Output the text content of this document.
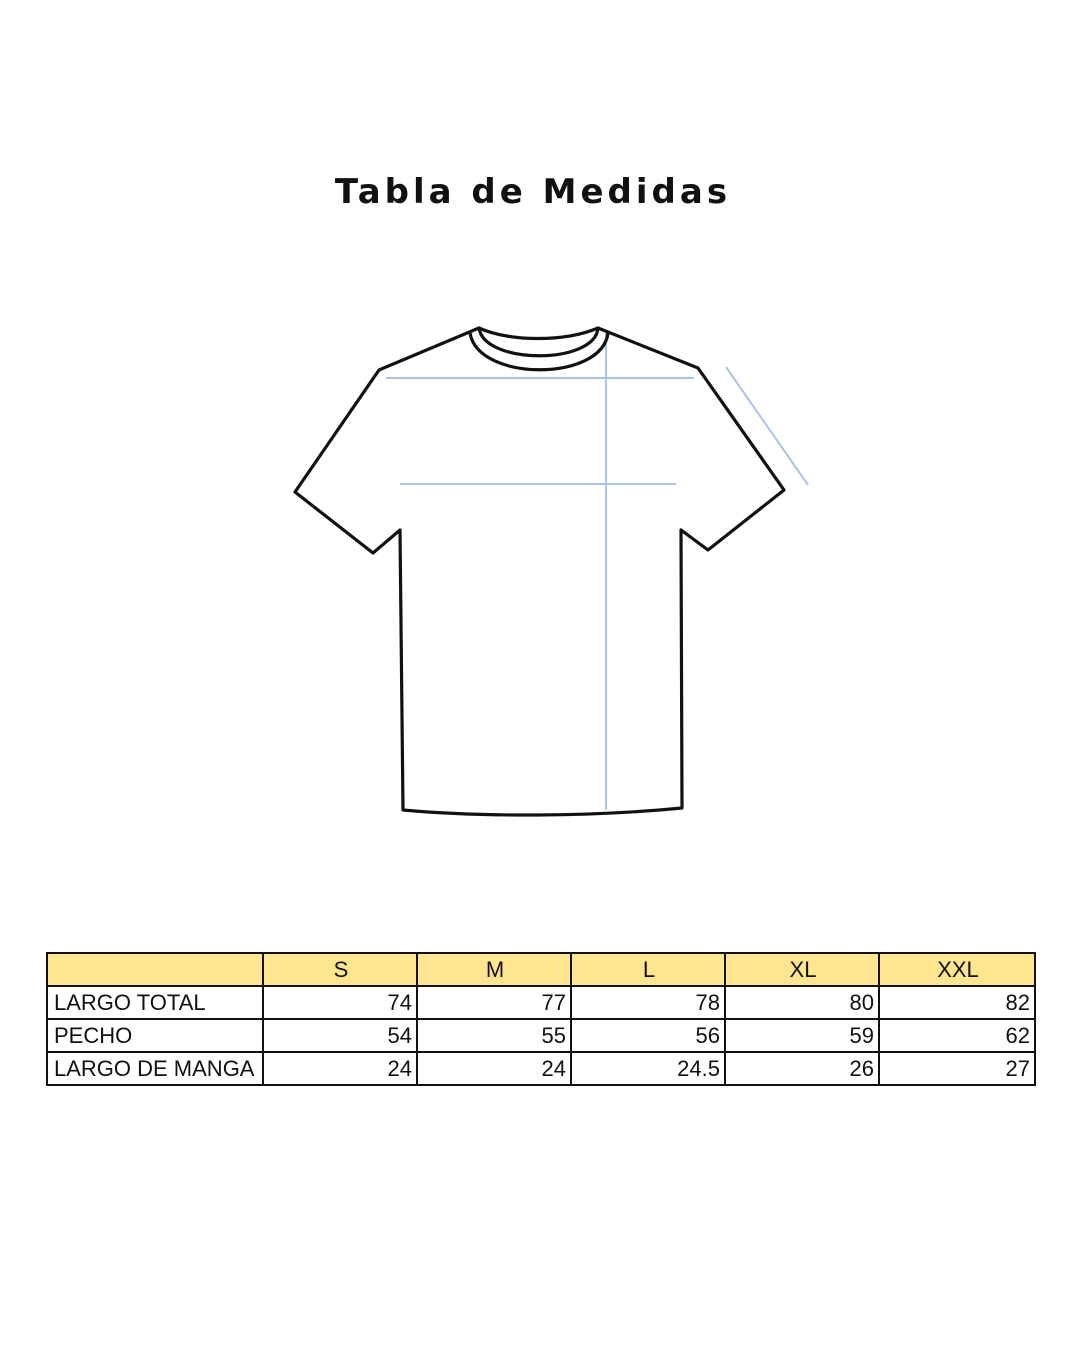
Tabla de Medidas
	S	M	L	XL	XXL
LARGO TOTAL	74	77	78	80	82
PECHO	54	55	56	59	62
LARGO DE MANGA	24	24	24.5	26	27
